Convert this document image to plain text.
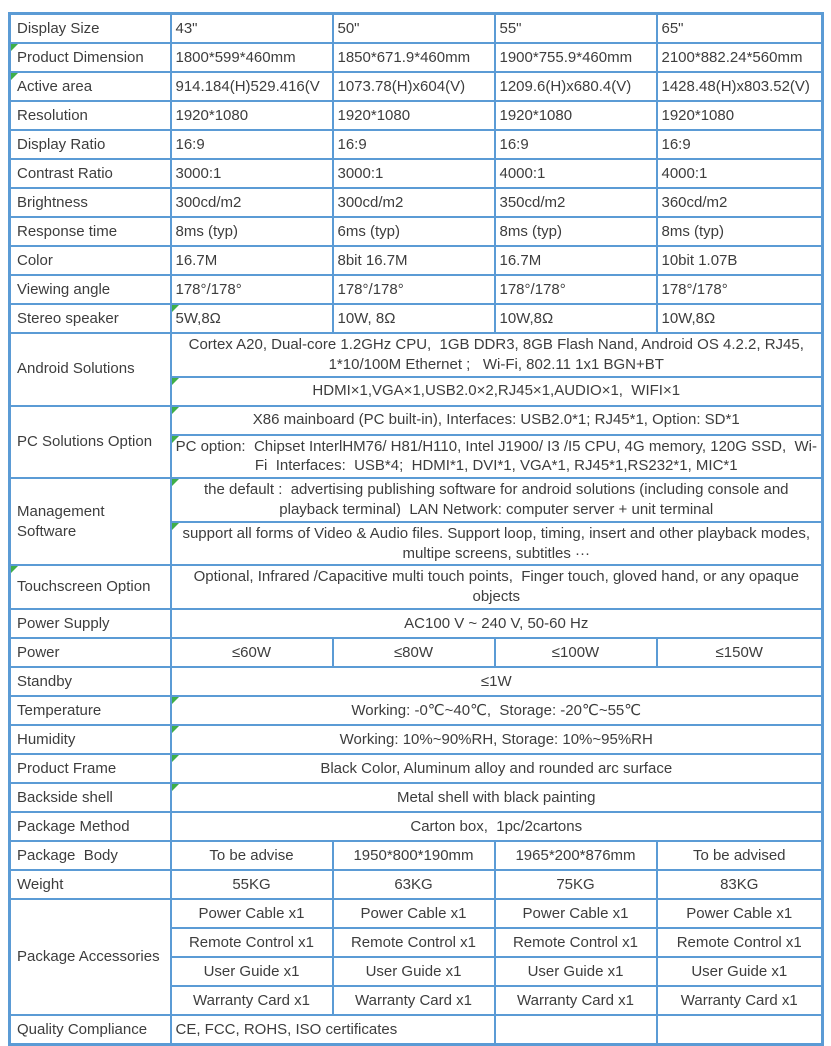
Display Size	43"	50"	55"	65"
Product Dimension	1800*599*460mm	1850*671.9*460mm	1900*755.9*460mm	2100*882.24*560mm
Active area	914.184(H)529.416(V	1073.78(H)x604(V)	1209.6(H)x680.4(V)	1428.48(H)x803.52(V)
Resolution	1920*1080	1920*1080	1920*1080	1920*1080
Display Ratio	16:9	16:9	16:9	16:9
Contrast Ratio	3000:1	3000:1	4000:1	4000:1
Brightness	300cd/m2	300cd/m2	350cd/m2	360cd/m2
Response time	8ms (typ)	6ms (typ)	8ms (typ)	8ms (typ)
Color	16.7M	8bit 16.7M	16.7M	10bit 1.07B
Viewing angle	178°/178°	178°/178°	178°/178°	178°/178°
Stereo speaker	5W,8Ω	10W, 8Ω	10W,8Ω	10W,8Ω
Android Solutions	Cortex A20, Dual-core 1.2GHz CPU,  1GB DDR3, 8GB Flash Nand, Android OS 4.2.2, RJ45, 1*10/100M Ethernet ;   Wi-Fi, 802.11 1x1 BGN+BT			
	HDMI×1,VGA×1,USB2.0×2,RJ45×1,AUDIO×1,  WIFI×1			

PC Solutions Option	X86 mainboard (PC built-in), Interfaces: USB2.0*1; RJ45*1, Option: SD*1			

	PC option:  Chipset InterlHM76/ H81/H110, Intel J1900/ I3 /I5 CPU, 4G memory, 120G SSD,  Wi-Fi  Interfaces:  USB*4;  HDMI*1, DVI*1, VGA*1, RJ45*1,RS232*1, MIC*1			

Management Software	the default :  advertising publishing software for android solutions (including console and playback terminal)  LAN Network: computer server + unit terminal			

	support all forms of Video & Audio files. Support loop, timing, insert and other playback modes, multipe screens, subtitles ···			

Touchscreen Option	Optional, Infrared /Capacitive multi touch points,  Finger touch, gloved hand, or any opaque objects			
Power Supply	AC100 V ~ 240 V, 50-60 Hz			
Power	≤60W	≤80W	≤100W	≤150W
Standby	≤1W			
Temperature	Working: -0℃~40℃,  Storage: -20℃~55℃			

Humidity	Working: 10%~90%RH, Storage: 10%~95%RH			

Product Frame	Black Color, Aluminum alloy and rounded arc surface			

Backside shell	Metal shell with black painting			

Package Method	Carton box,  1pc/2cartons			
Package  Body	To be advise	1950*800*190mm	1965*200*876mm	To be advised
Weight	55KG	63KG	75KG	83KG
Package Accessories	Power Cable x1	Power Cable x1	Power Cable x1	Power Cable x1
	Remote Control x1	Remote Control x1	Remote Control x1	Remote Control x1
	User Guide x1	User Guide x1	User Guide x1	User Guide x1
	Warranty Card x1	Warranty Card x1	Warranty Card x1	Warranty Card x1
Quality Compliance	CE, FCC, ROHS, ISO certificates			
